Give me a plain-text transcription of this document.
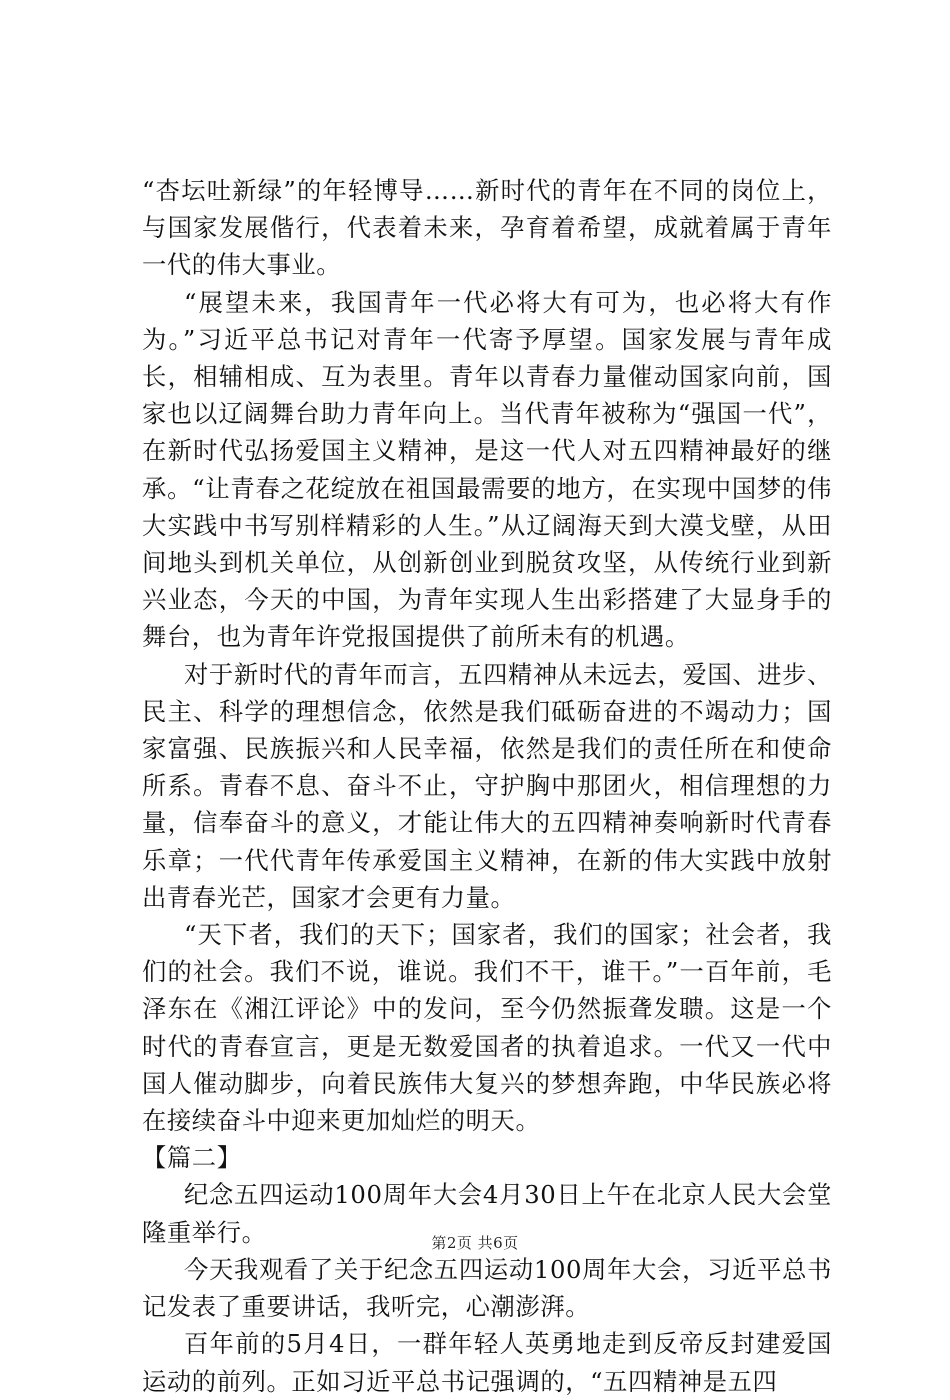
“杏坛吐新绿”的年轻博导……新时代的青年在不同的岗位上，与国家发展偕行，代表着未来，孕育着希望，成就着属于青年一代的伟大事业。

“展望未来，我国青年一代必将大有可为，也必将大有作为。”习近平总书记对青年一代寄予厚望。国家发展与青年成长，相辅相成、互为表里。青年以青春力量催动国家向前，国家也以辽阔舞台助力青年向上。当代青年被称为“强国一代”，在新时代弘扬爱国主义精神，是这一代人对五四精神最好的继承。“让青春之花绽放在祖国最需要的地方，在实现中国梦的伟大实践中书写别样精彩的人生。”从辽阔海天到大漠戈壁，从田间地头到机关单位，从创新创业到脱贫攻坚，从传统行业到新兴业态，今天的中国，为青年实现人生出彩搭建了大显身手的舞台，也为青年许党报国提供了前所未有的机遇。

对于新时代的青年而言，五四精神从未远去，爱国、进步、民主、科学的理想信念，依然是我们砥砺奋进的不竭动力；国家富强、民族振兴和人民幸福，依然是我们的责任所在和使命所系。青春不息、奋斗不止，守护胸中那团火，相信理想的力量，信奉奋斗的意义，才能让伟大的五四精神奏响新时代青春乐章；一代代青年传承爱国主义精神，在新的伟大实践中放射出青春光芒，国家才会更有力量。

“天下者，我们的天下；国家者，我们的国家；社会者，我们的社会。我们不说，谁说。我们不干，谁干。”一百年前，毛泽东在《湘江评论》中的发问，至今仍然振聋发聩。这是一个时代的青春宣言，更是无数爱国者的执着追求。一代又一代中国人催动脚步，向着民族伟大复兴的梦想奔跑，中华民族必将在接续奋斗中迎来更加灿烂的明天。

【篇二】

纪念五四运动100周年大会4月30日上午在北京人民大会堂隆重举行。

今天我观看了关于纪念五四运动100周年大会，习近平总书记发表了重要讲话，我听完，心潮澎湃。

百年前的5月4日，一群年轻人英勇地走到反帝反封建爱国运动的前列。正如习近平总书记强调的，“五四精神是五四

第2页 共6页
